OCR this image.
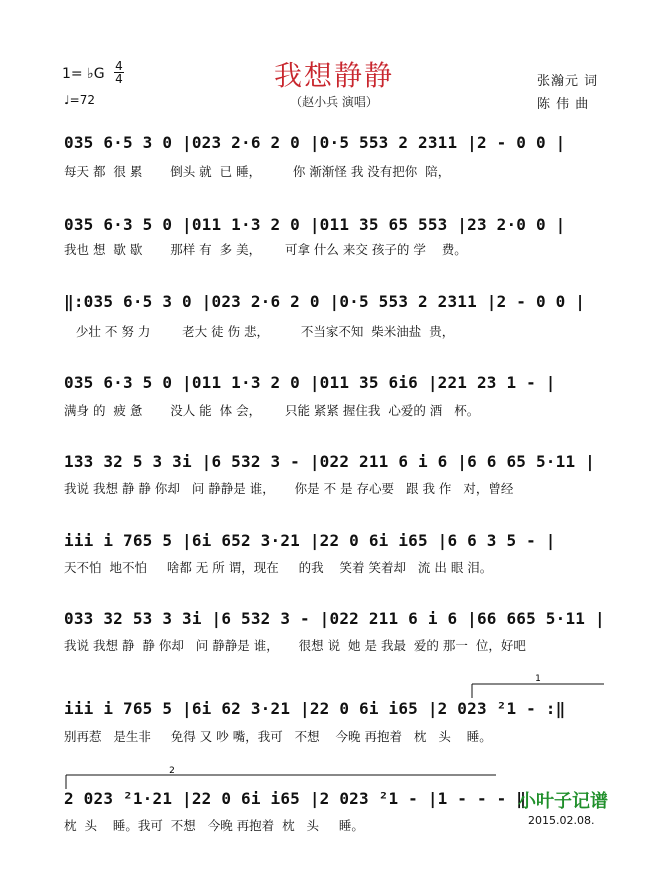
我想静静
（赵小兵 演唱）
1= ♭G 4
4
♩=72
张瀚元 词
陈 伟 曲
035 6·5 3 0 |023 2·6 2 0 |0·5 553 2 2311 |2 - 0 0 |
每天 都  很 累       倒头 就  已 睡，        你 渐渐怪 我 没有把你  陪，
035 6·3 5 0 |011 1·3 2 0 |011 35 65 553 |23 2·0 0 |
我也 想  歇 歇       那样 有  多 美，      可拿 什么 来交 孩子的 学    费。
‖:035 6·5 3 0 |023 2·6 2 0 |0·5 553 2 2311 |2 - 0 0 |
少壮 不 努 力        老大 徒 伤 悲，        不当家不知  柴米油盐  贵，
035 6·3 5 0 |011 1·3 2 0 |011 35 6i6 |221 23 1 - |
满身 的  疲 惫       没人 能  体 会，      只能 紧紧 握住我  心爱的 酒   杯。
133 32 5 3 3i |6 532 3 - |022 211 6 i 6 |6 6 65 5·11 |
我说 我想 静 静 你却   问 静静是 谁，     你是 不 是 存心要   跟 我 作   对，曾经
iii i 765 5 |6i 652 3·21 |22 0 6i i65 |6 6 3 5 - |
天不怕  地不怕     啥都 无 所 谓，现在     的我    笑着 笑着却   流 出 眼 泪。
033 32 53 3 3i |6 532 3 - |022 211 6 i 6 |66 665 5·11 |
我说 我想 静  静 你却   问 静静是 谁，     很想 说  她 是 我最  爱的 那一  位，好吧
iii i 765 5 |6i 62 3·21 |22 0 6i i65 |2 023 ²1 - :‖
别再惹   是生非     免得 又 吵 嘴，我可   不想    今晚 再抱着   枕   头    睡。
2 023 ²1·21 |22 0 6i i65 |2 023 ²1 - |1 - - - ‖
枕  头    睡。我可  不想   今晚 再抱着  枕   头     睡。
1
2
小叶子记谱
2015.02.08.
